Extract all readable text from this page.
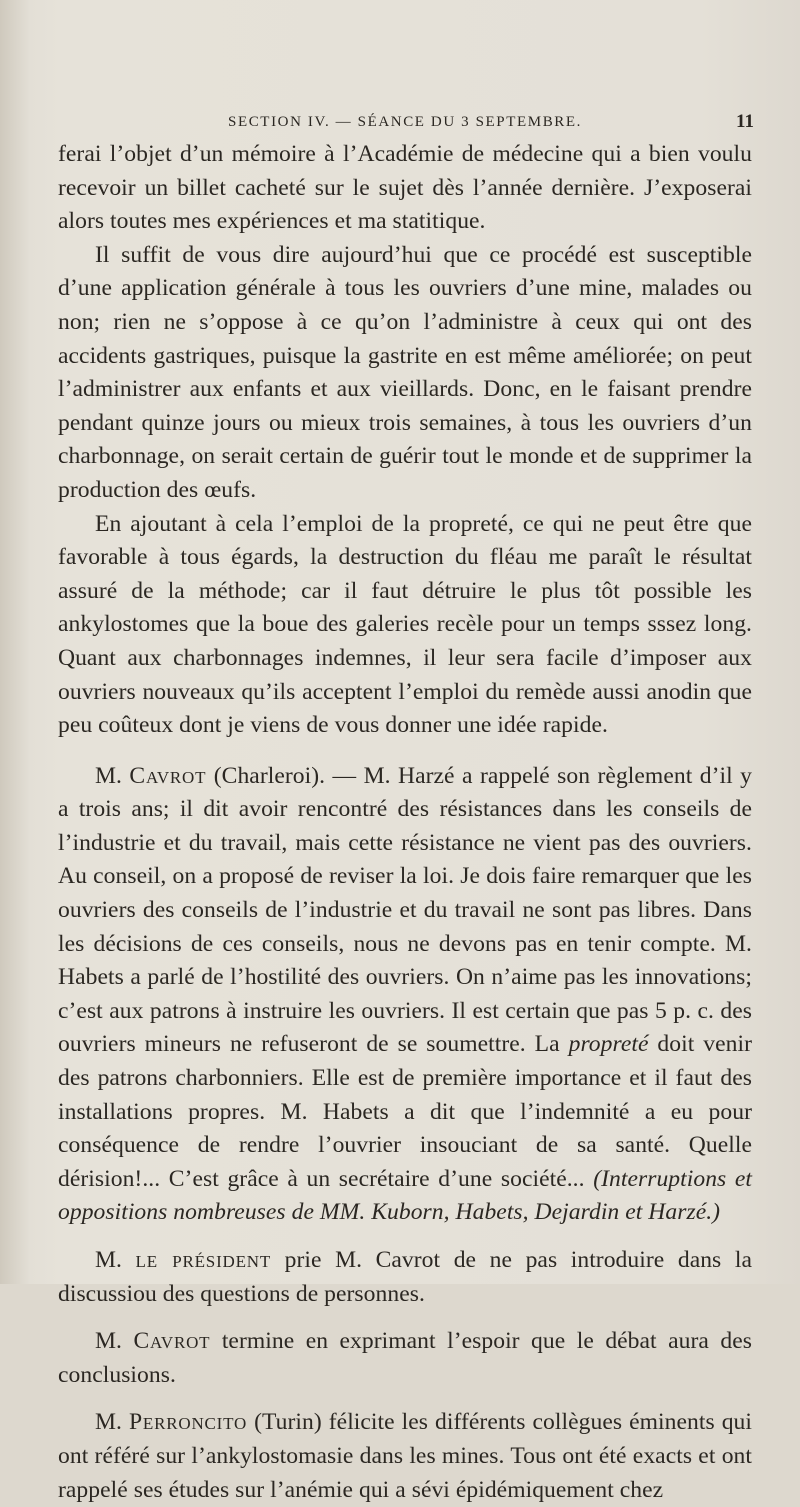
SECTION IV. — SÉANCE DU 3 SEPTEMBRE.	11

ferai l’objet d’un mémoire à l’Académie de médecine qui a bien voulu recevoir un billet cacheté sur le sujet dès l’année dernière. J’exposerai alors toutes mes expériences et ma statitique.

Il suffit de vous dire aujourd’hui que ce procédé est susceptible d’une application générale à tous les ouvriers d’une mine, malades ou non; rien ne s’oppose à ce qu’on l’administre à ceux qui ont des accidents gastriques, puisque la gastrite en est même améliorée; on peut l’administrer aux enfants et aux vieillards. Donc, en le faisant prendre pendant quinze jours ou mieux trois semaines, à tous les ouvriers d’un charbonnage, on serait certain de guérir tout le monde et de supprimer la production des œufs.

En ajoutant à cela l’emploi de la propreté, ce qui ne peut être que favorable à tous égards, la destruction du fléau me paraît le résultat assuré de la méthode; car il faut détruire le plus tôt possible les ankylostomes que la boue des galeries recèle pour un temps sssez long. Quant aux charbonnages indemnes, il leur sera facile d’imposer aux ouvriers nouveaux qu’ils acceptent l’emploi du remède aussi anodin que peu coûteux dont je viens de vous donner une idée rapide.

M. Cavrot (Charleroi). — M. Harzé a rappelé son règlement d’il y a trois ans; il dit avoir rencontré des résistances dans les conseils de l’industrie et du travail, mais cette résistance ne vient pas des ouvriers. Au conseil, on a proposé de reviser la loi. Je dois faire remarquer que les ouvriers des conseils de l’industrie et du travail ne sont pas libres. Dans les décisions de ces conseils, nous ne devons pas en tenir compte. M. Habets a parlé de l’hostilité des ouvriers. On n’aime pas les innovations; c’est aux patrons à instruire les ouvriers. Il est certain que pas 5 p. c. des ouvriers mineurs ne refuseront de se soumettre. La propreté doit venir des patrons charbonniers. Elle est de première importance et il faut des installations propres. M. Habets a dit que l’indemnité a eu pour conséquence de rendre l’ouvrier insouciant de sa santé. Quelle dérision!... C’est grâce à un secrétaire d’une société... (Interruptions et oppositions nombreuses de MM. Kuborn, Habets, Dejardin et Harzé.)

M. le président prie M. Cavrot de ne pas introduire dans la discussiou des questions de personnes.

M. Cavrot termine en exprimant l’espoir que le débat aura des conclusions.

M. Perroncito (Turin) félicite les différents collègues éminents qui ont référé sur l’ankylostomasie dans les mines. Tous ont été exacts et ont rappelé ses études sur l’anémie qui a sévi épidémiquement chez
